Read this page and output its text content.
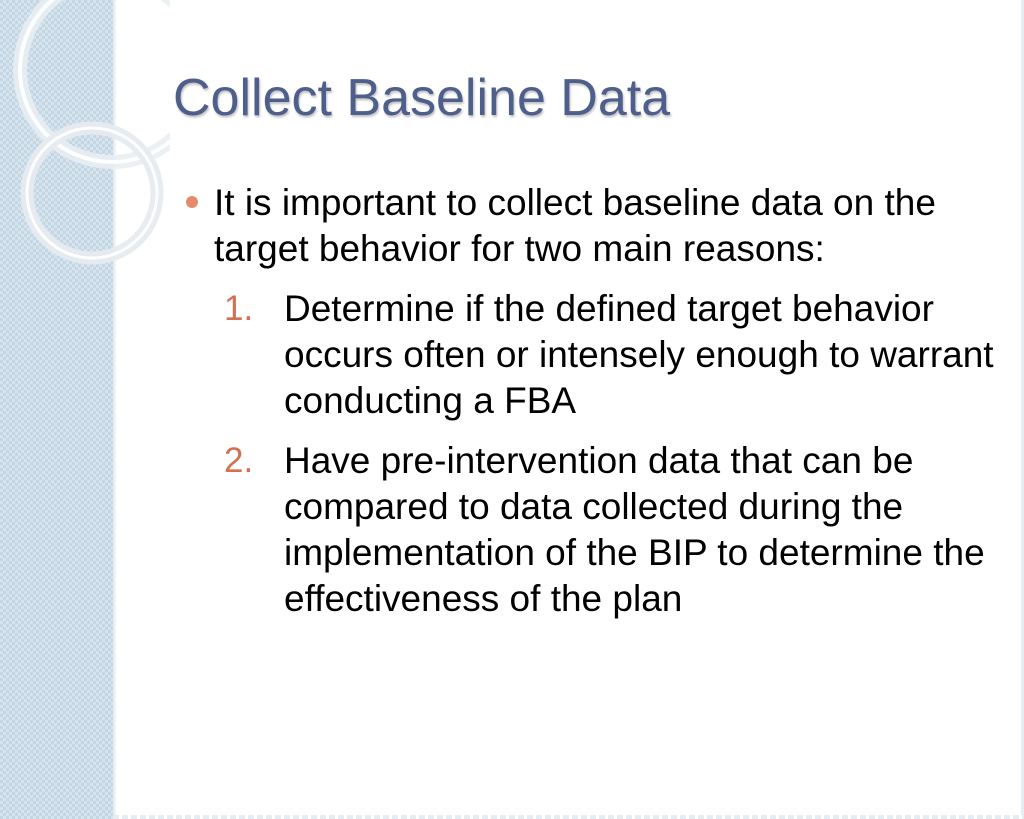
Collect Baseline Data
It is important to collect baseline data on the target behavior for two main reasons:
1. Determine if the defined target behavior occurs often or intensely enough to warrant conducting a FBA
2. Have pre-intervention data that can be compared to data collected during the implementation of the BIP to determine the effectiveness of the plan
